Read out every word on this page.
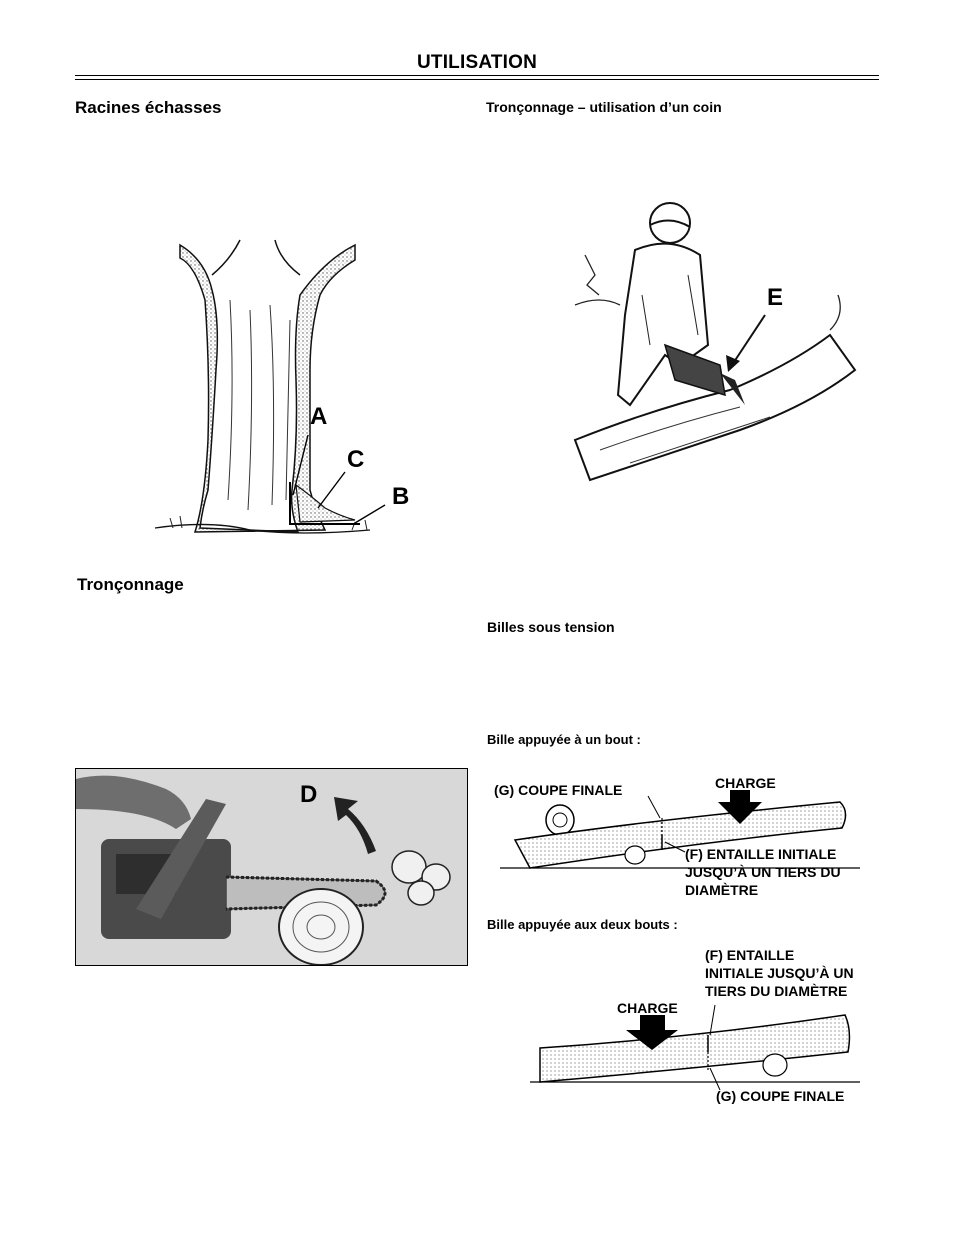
UTILISATION
Racines échasses
Tronçonnage
A
C
B
D
Tronçonnage – utilisation d’un coin
E
Billes sous tension
Bille appuyée à un bout :
(G) COUPE FINALE	CHARGE
(F) ENTAILLE INITIALE
JUSQU’À UN TIERS DU
DIAMÈTRE
Bille appuyée aux deux bouts :
(F) ENTAILLE
INITIALE JUSQU’À UN
TIERS DU DIAMÈTRE
CHARGE
(G) COUPE FINALE
